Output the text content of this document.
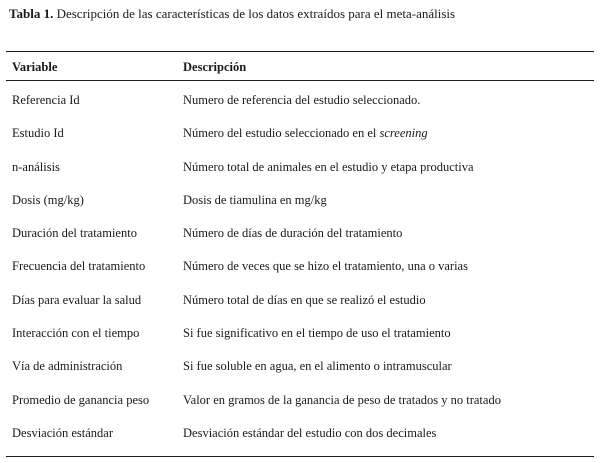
Tabla 1. Descripción de las características de los datos extraídos para el meta-análisis
Variable	Descripción
Referencia Id	Numero de referencia del estudio seleccionado.
Estudio Id	Número del estudio seleccionado en el screening
n-análisis	Número total de animales en el estudio y etapa productiva
Dosis (mg/kg)	Dosis de tiamulina en mg/kg
Duración del tratamiento	Número de días de duración del tratamiento
Frecuencia del tratamiento	Número de veces que se hizo el tratamiento, una o varias
Días para evaluar la salud	Número total de días en que se realizó el estudio
Interacción con el tiempo	Si fue significativo en el tiempo de uso el tratamiento
Vía de administración	Si fue soluble en agua, en el alimento o intramuscular
Promedio de ganancia peso	Valor en gramos de la ganancia de peso de tratados y no tratado
Desviación estándar	Desviación estándar del estudio con dos decimales
